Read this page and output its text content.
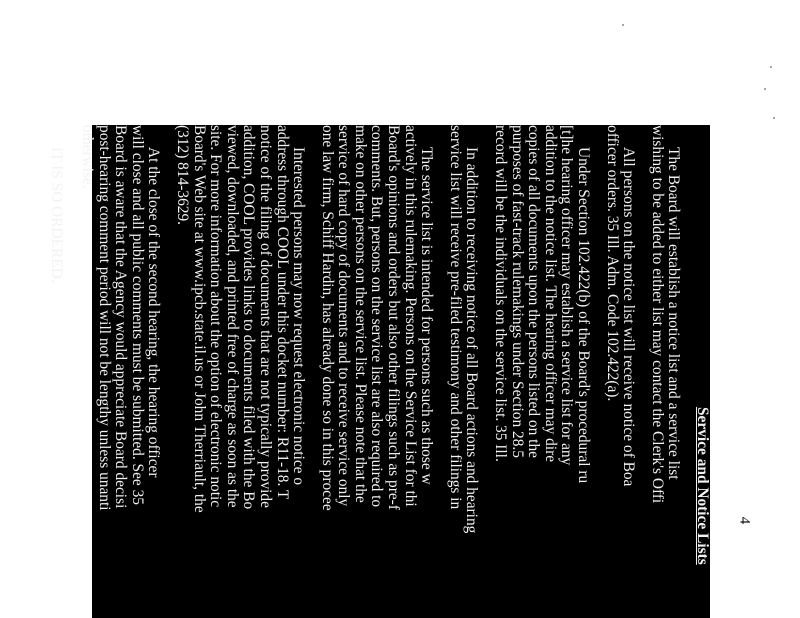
4
Service and Notice Lists
The Board will establish a notice list and a service list
wishing to be added to either list may contact the Clerk's Offi
All persons on the notice list will receive notice of Boa
officer orders. 35 Ill. Adm. Code 102.422(a).
Under Section 102.422(b) of the Board's procedural ru
[t]he hearing officer may establish a service list for any
addition to the notice list. The hearing officer may dire
copies of all documents upon the persons listed on the
purposes of fast-track rulemakings under Section 28.5
record will be the individuals on the service list. 35 Ill.
In addition to receiving notice of all Board actions and hearing
service list will receive pre-filed testimony and other filings in
The service list is intended for persons such as those w
actively in this rulemaking. Persons on the Service List for thi
Board's opinions and orders but also other filings such as pre-f
comments. But, persons on the service list are also required to
make on other persons on the service list. Please note that the
service of hard copy of documents and to receive service only
one law firm, Schiff Hardin, has already done so in this procee
Interested persons may now request electronic notice o
address through COOL under this docket number: R11-18. T
notice of the filing of documents that are not typically provide
addition, COOL provides links to documents filed with the Bo
viewed, downloaded, and printed free of charge as soon as the
site. For more information about the option of electronic notic
Board's Web site at www.ipcb.state.il.us or John Therriault, the
(312) 814-3629.
At the close of the second hearing, the hearing officer
will close and all public comments must be submitted. See 35
Board is aware that the Agency would appreciate Board decisi
post-hearing comment period will not be lengthy unless unanti
otherwise.
IT IS SO ORDERED.
